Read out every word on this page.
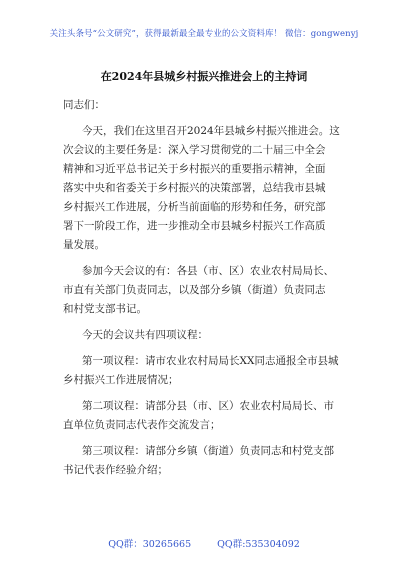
关注头条号“公文研究”，获得最新最全最专业的公文资料库！ 微信：gongwenyj
在2024年县城乡村振兴推进会上的主持词
同志们：
今天，我们在这里召开2024年县城乡村振兴推进会。这
次会议的主要任务是：深入学习贯彻党的二十届三中全会
精神和习近平总书记关于乡村振兴的重要指示精神，全面
落实中央和省委关于乡村振兴的决策部署，总结我市县城
乡村振兴工作进展，分析当前面临的形势和任务，研究部
署下一阶段工作，进一步推动全市县城乡村振兴工作高质
量发展。
参加今天会议的有：各县（市、区）农业农村局局长、
市直有关部门负责同志，以及部分乡镇（街道）负责同志
和村党支部书记。
今天的会议共有四项议程：
第一项议程：请市农业农村局局长XX同志通报全市县城
乡村振兴工作进展情况；
第二项议程：请部分县（市、区）农业农村局局长、市
直单位负责同志代表作交流发言；
第三项议程：请部分乡镇（街道）负责同志和村党支部
书记代表作经验介绍；
QQ群：30265665	QQ群:535304092
